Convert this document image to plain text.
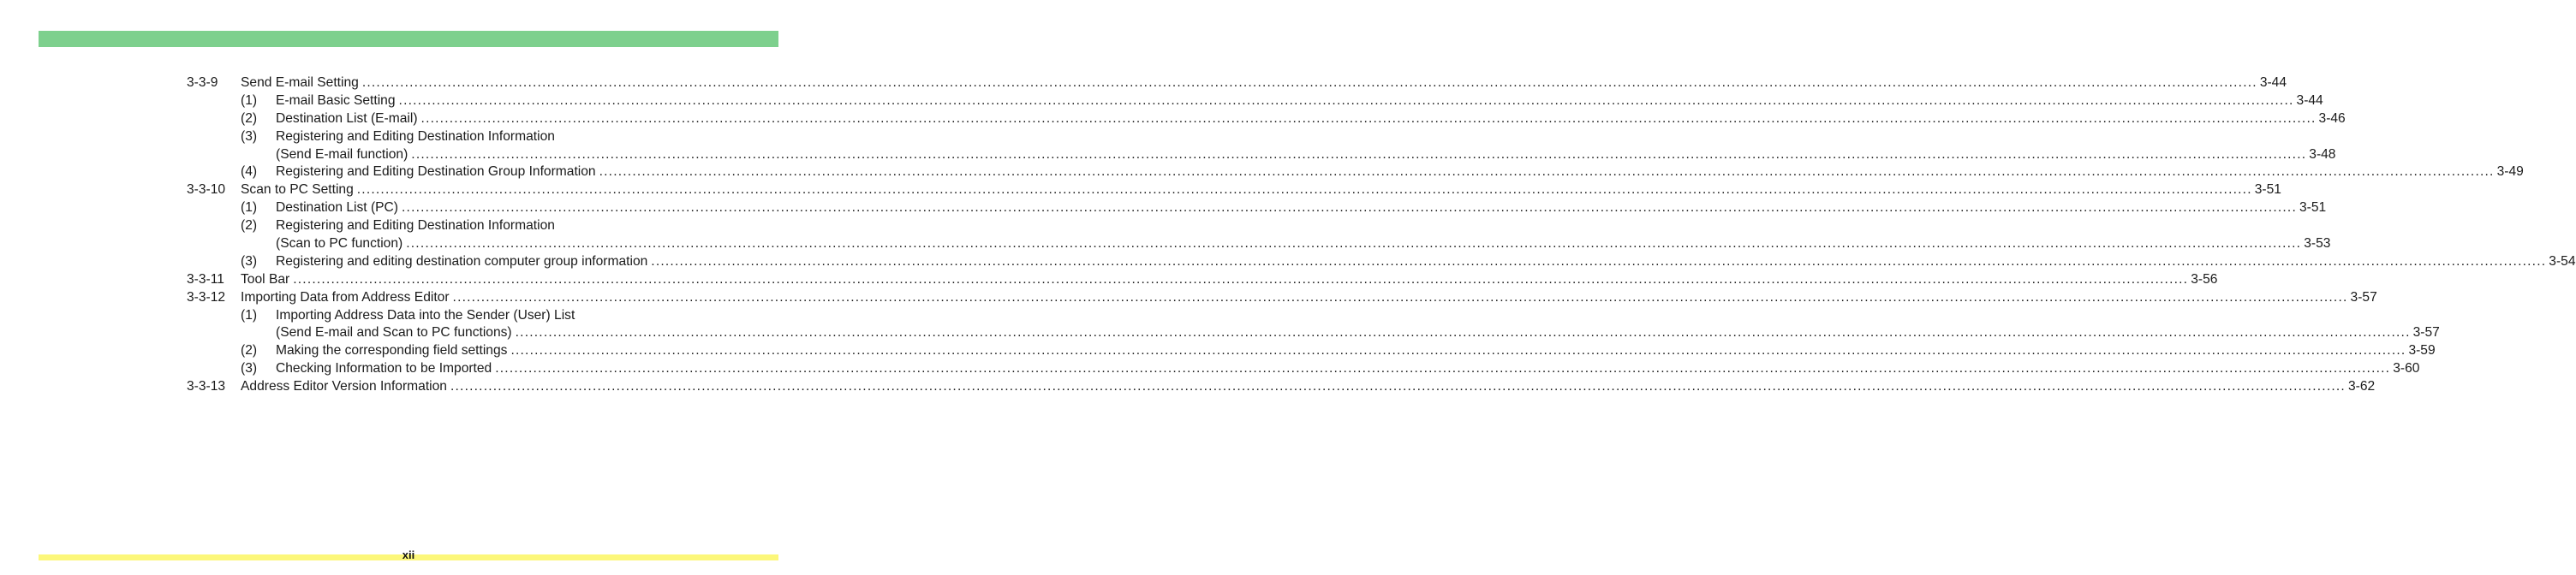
3-3-9 Send E-mail Setting ................................................................................................................................................................................................................................................................................................................................................................................................................ 3-44
(1) E-mail Basic Setting ................................................................................................................................................................................................................................................................................................................................................................................................................ 3-44
(2) Destination List (E-mail) ................................................................................................................................................................................................................................................................................................................................................................................................................ 3-46
(3) Registering and Editing Destination Information
(Send E-mail function) ................................................................................................................................................................................................................................................................................................................................................................................................................ 3-48
(4) Registering and Editing Destination Group Information ................................................................................................................................................................................................................................................................................................................................................................................................................ 3-49
3-3-10 Scan to PC Setting ................................................................................................................................................................................................................................................................................................................................................................................................................ 3-51
(1) Destination List (PC) ................................................................................................................................................................................................................................................................................................................................................................................................................ 3-51
(2) Registering and Editing Destination Information
(Scan to PC function) ................................................................................................................................................................................................................................................................................................................................................................................................................ 3-53
(3) Registering and editing destination computer group information ................................................................................................................................................................................................................................................................................................................................................................................................................ 3-54
3-3-11 Tool Bar ................................................................................................................................................................................................................................................................................................................................................................................................................ 3-56
3-3-12 Importing Data from Address Editor ................................................................................................................................................................................................................................................................................................................................................................................................................ 3-57
(1) Importing Address Data into the Sender (User) List
(Send E-mail and Scan to PC functions) ................................................................................................................................................................................................................................................................................................................................................................................................................ 3-57
(2) Making the corresponding field settings ................................................................................................................................................................................................................................................................................................................................................................................................................ 3-59
(3) Checking Information to be Imported ................................................................................................................................................................................................................................................................................................................................................................................................................ 3-60
3-3-13 Address Editor Version Information ................................................................................................................................................................................................................................................................................................................................................................................................................ 3-62
xii
